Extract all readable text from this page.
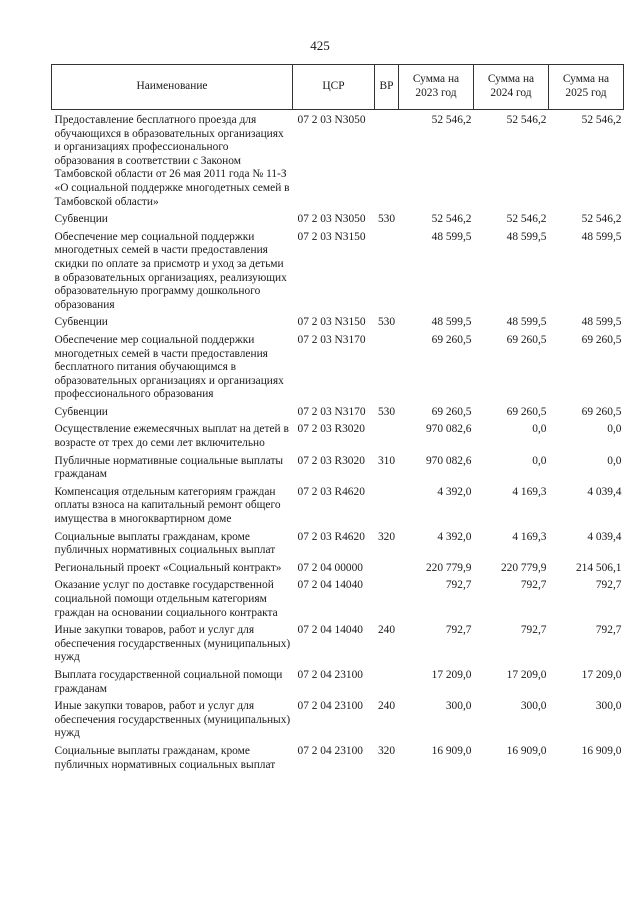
425
Наименование	ЦСР	ВР	Сумма на 2023 год	Сумма на 2024 год	Сумма на 2025 год
Предоставление бесплатного проезда для обучающихся в образовательных организациях и организациях профессионального образования в соответствии с Законом Тамбовской области от 26 мая 2011 года № 11-З «О социальной поддержке многодетных семей в Тамбовской области»	07 2 03 N3050		52 546,2	52 546,2	52 546,2
Субвенции	07 2 03 N3050	530	52 546,2	52 546,2	52 546,2
Обеспечение мер социальной поддержки многодетных семей в части предоставления скидки по оплате за присмотр и уход за детьми в образовательных организациях, реализующих образовательную программу дошкольного образования	07 2 03 N3150		48 599,5	48 599,5	48 599,5
Субвенции	07 2 03 N3150	530	48 599,5	48 599,5	48 599,5
Обеспечение мер социальной поддержки многодетных семей в части предоставления бесплатного питания обучающимся в образовательных организациях и организациях профессионального образования	07 2 03 N3170		69 260,5	69 260,5	69 260,5
Субвенции	07 2 03 N3170	530	69 260,5	69 260,5	69 260,5
Осуществление ежемесячных выплат на детей в возрасте от трех до семи лет включительно	07 2 03 R3020		970 082,6	0,0	0,0
Публичные нормативные социальные выплаты гражданам	07 2 03 R3020	310	970 082,6	0,0	0,0
Компенсация отдельным категориям граждан оплаты взноса на капитальный ремонт общего имущества в многоквартирном доме	07 2 03 R4620		4 392,0	4 169,3	4 039,4
Социальные выплаты гражданам, кроме публичных нормативных социальных выплат	07 2 03 R4620	320	4 392,0	4 169,3	4 039,4
Региональный проект «Социальный контракт»	07 2 04 00000		220 779,9	220 779,9	214 506,1
Оказание услуг по доставке государственной социальной помощи отдельным категориям граждан на основании социального контракта	07 2 04 14040		792,7	792,7	792,7
Иные закупки товаров, работ и услуг для обеспечения государственных (муниципальных) нужд	07 2 04 14040	240	792,7	792,7	792,7
Выплата государственной социальной помощи гражданам	07 2 04 23100		17 209,0	17 209,0	17 209,0
Иные закупки товаров, работ и услуг для обеспечения государственных (муниципальных) нужд	07 2 04 23100	240	300,0	300,0	300,0
Социальные выплаты гражданам, кроме публичных нормативных социальных выплат	07 2 04 23100	320	16 909,0	16 909,0	16 909,0
